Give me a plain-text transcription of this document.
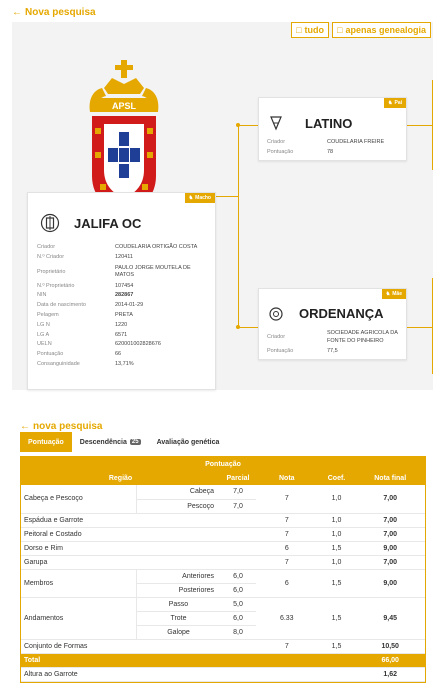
← Nova pesquisa
□ tudo □ apenas genealogia
APSL
♞ Macho
JALIFA OC
Criador	COUDELARIA ORTIGÃO COSTA
N.º Criador	120411
Proprietário
PAULO JORGE MOUTELA DE MATOS
N.º Proprietário	107454
NIN	282867
Data de nascimento	2014-01-29
Pelagem	PRETA
LG N	1220
LG A	6571
UELN	620001002828676
Pontuação	66
Consanguinidade	13,71%
♞ Pai
LATINO
Criador	COUDELARIA FREIRE
Pontuação	78
♞ Mãe
ORDENANÇA
Criador
SOCIEDADE AGRICOLA DA FONTE DO PINHEIRO
Pontuação	77,5
← nova pesquisa
Pontuação Descendência 25	Avaliação genética
Pontuação					
Região		Parcial	Nota	Coef.	Nota final
Cabeça e Pescoço	Cabeça	7,0	7	1,0	7,00
	Pescoço	7,0			
Espádua e Garrote			7	1,0	7,00
Peitoral e Costado			7	1,0	7,00
Dorso e Rim			6	1,5	9,00
Garupa			7	1,0	7,00
Membros	Anteriores	6,0	6	1,5	9,00
	Posteriores	6,0			
Andamentos	Passo	5,0	6.33	1,5	9,45
	Trote	6,0			
	Galope	8,0			
Conjunto de Formas			7	1,5	10,50
Total					66,00
Altura ao Garrote					1,62
